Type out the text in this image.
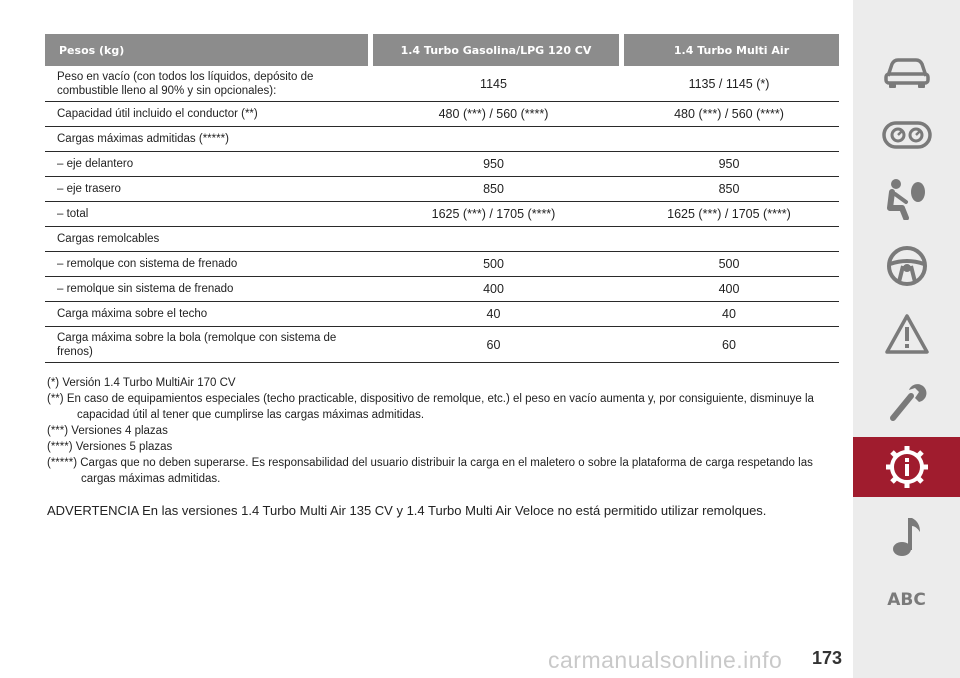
Pesos (kg)	1.4 Turbo Gasolina/LPG 120 CV	1.4 Turbo Multi Air
Peso en vacío (con todos los líquidos, depósito de combustible lleno al 90% y sin opcionales):	1145	1135 / 1145 (*)
Capacidad útil incluido el conductor (**)	480 (***) / 560 (****)	480 (***) / 560 (****)
Cargas máximas admitidas (*****)		
– eje delantero	950	950
– eje trasero	850	850
– total	1625 (***) / 1705 (****)	1625 (***) / 1705 (****)
Cargas remolcables		
– remolque con sistema de frenado	500	500
– remolque sin sistema de frenado	400	400
Carga máxima sobre el techo	40	40
Carga máxima sobre la bola (remolque con sistema de frenos)	60	60
(*) Versión 1.4 Turbo MultiAir 170 CV
(**) En caso de equipamientos especiales (techo practicable, dispositivo de remolque, etc.) el peso en vacío aumenta y, por consiguiente, disminuye la
capacidad útil al tener que cumplirse las cargas máximas admitidas.
(***) Versiones 4 plazas
(****) Versiones 5 plazas
(*****) Cargas que no deben superarse. Es responsabilidad del usuario distribuir la carga en el maletero o sobre la plataforma de carga respetando las
cargas máximas admitidas.
ADVERTENCIA En las versiones 1.4 Turbo Multi Air 135 CV y 1.4 Turbo Multi Air Veloce no está permitido utilizar remolques.
ABC
carmanualsonline.info 173
